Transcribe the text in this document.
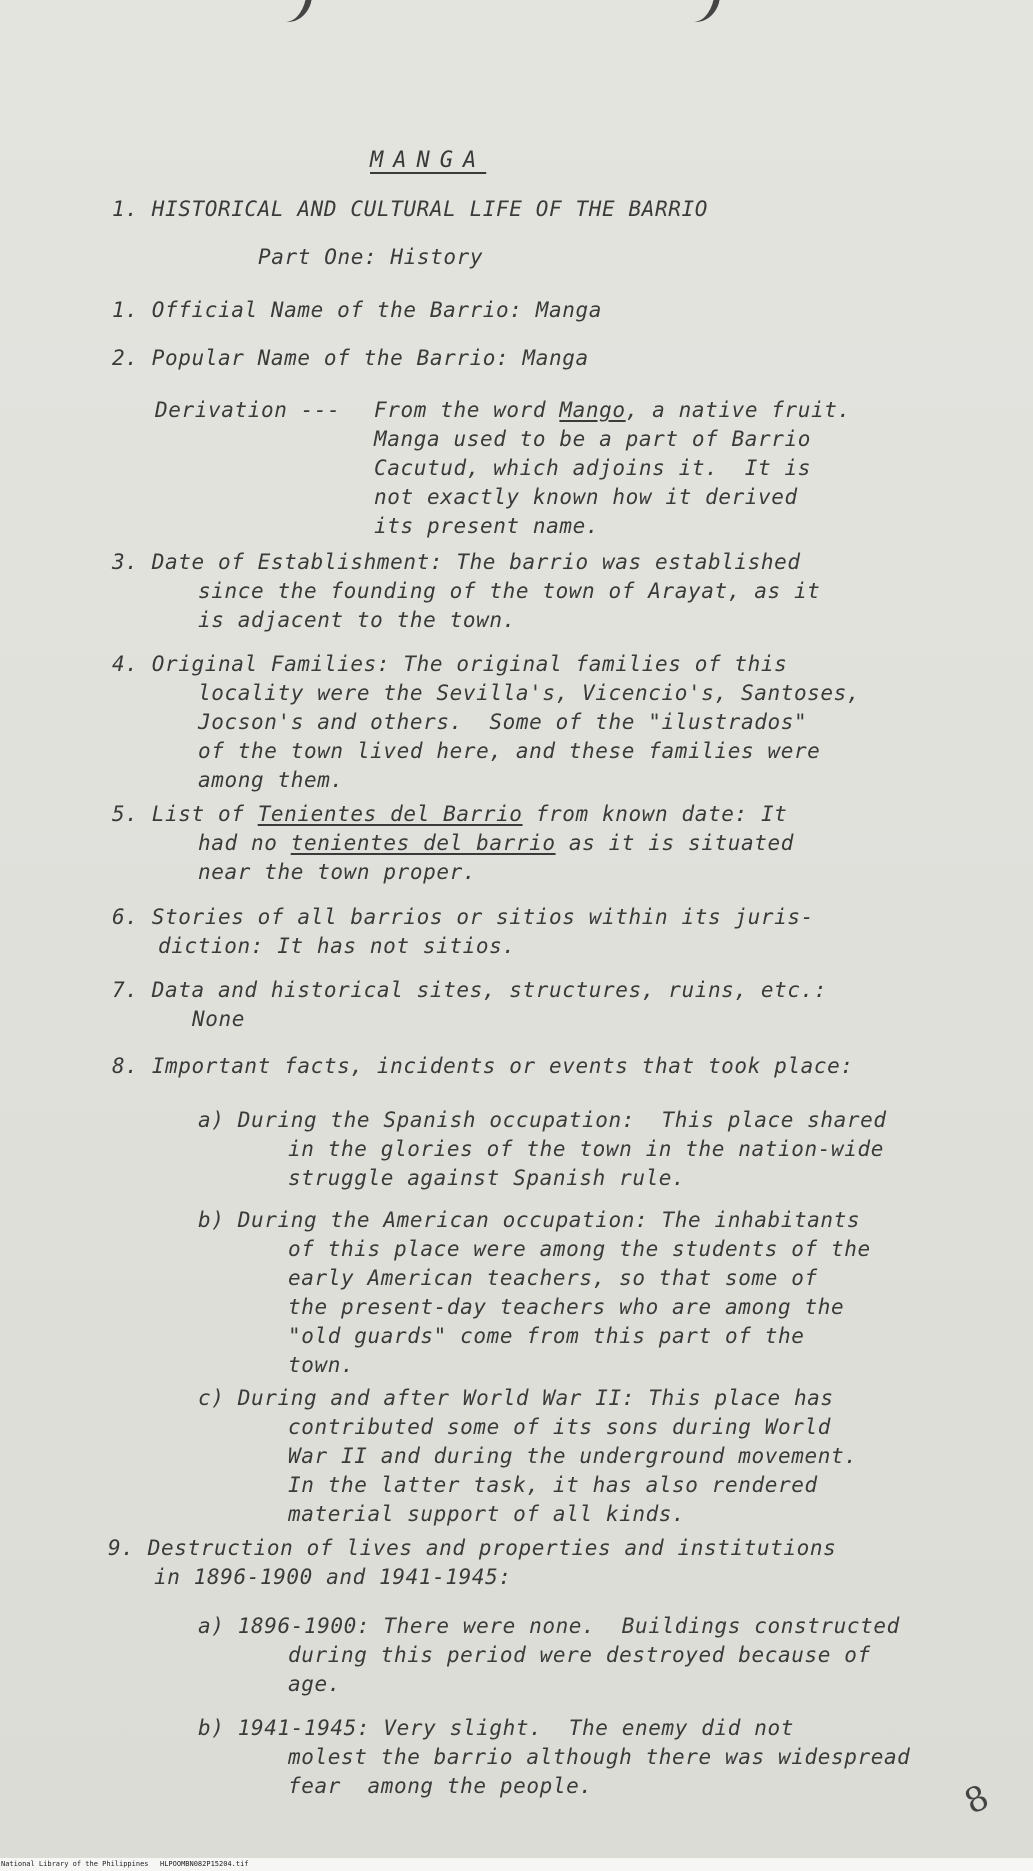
MANGA

1. HISTORICAL AND CULTURAL LIFE OF THE BARRIO

Part One: History

1. Official Name of the Barrio: Manga

2. Popular Name of the Barrio: Manga

Derivation --- From the word Mango, a native fruit.

Manga used to be a part of Barrio

Cacutud, which adjoins it.  It is

not exactly known how it derived

its present name.

3. Date of Establishment: The barrio was established

since the founding of the town of Arayat, as it

is adjacent to the town.

4. Original Families: The original families of this

locality were the Sevilla's, Vicencio's, Santoses,

Jocson's and others.  Some of the "ilustrados"

of the town lived here, and these families were

among them.

5. List of Tenientes del Barrio from known date: It

had no tenientes del barrio as it is situated

near the town proper.

6. Stories of all barrios or sitios within its juris-

diction: It has not sitios.

7. Data and historical sites, structures, ruins, etc.:

None

8. Important facts, incidents or events that took place:

a) During the Spanish occupation:  This place shared

in the glories of the town in the nation-wide

struggle against Spanish rule.

b) During the American occupation: The inhabitants

of this place were among the students of the

early American teachers, so that some of

the present-day teachers who are among the

"old guards" come from this part of the

town.

c) During and after World War II: This place has

contributed some of its sons during World

War II and during the underground movement.

In the latter task, it has also rendered

material support of all kinds.

9. Destruction of lives and properties and institutions

in 1896-1900 and 1941-1945:

a) 1896-1900: There were none.  Buildings constructed

during this period were destroyed because of

age.

b) 1941-1945: Very slight.  The enemy did not

molest the barrio although there was widespread

fear  among the people.	8
National Library of the Philippines HLPOOMBN082P15204.tif
